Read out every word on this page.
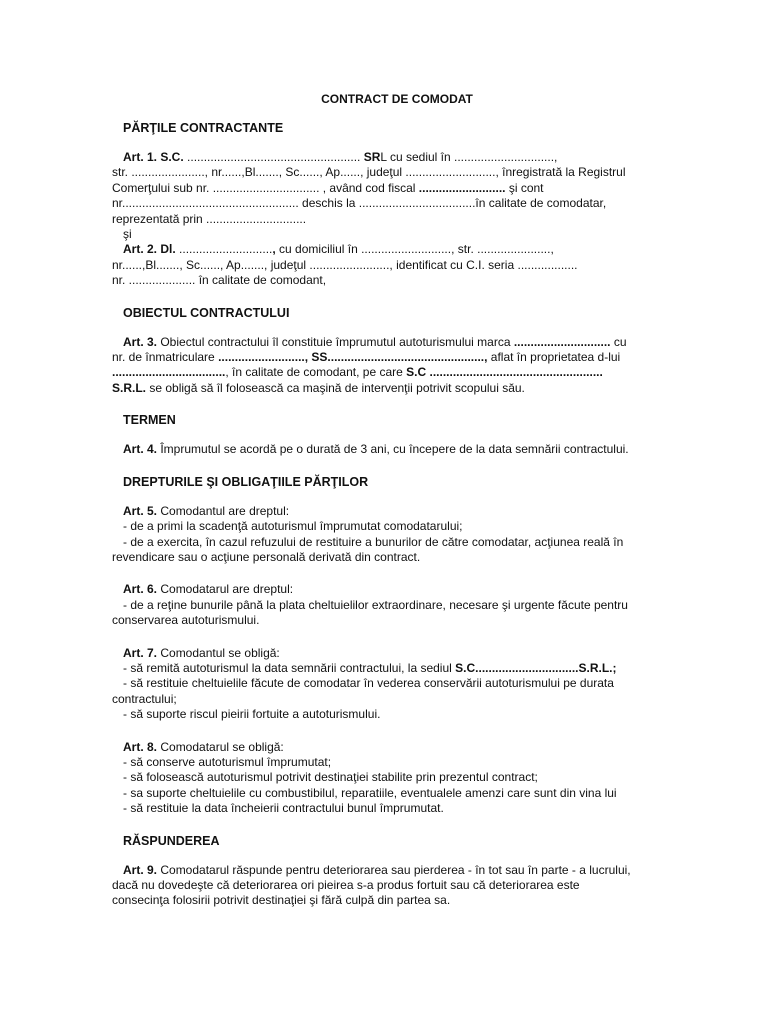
CONTRACT DE COMODAT
PĂRŢILE CONTRACTANTE
Art. 1. S.C. .................................................... SRL cu sediul în ..............................,
str. ......................, nr......,Bl......., Sc......, Ap......, judeţul ..........................., înregistrată la Registrul
Comerţului sub nr. ................................ , având cod fiscal .......................... şi cont
nr..................................................... deschis la ...................................în calitate de comodatar,
reprezentată prin ..............................
şi
Art. 2. Dl. ............................, cu domiciliul în ..........................., str. ......................,
nr......,Bl......., Sc......, Ap......., judeţul ........................, identificat cu C.I. seria ..................
nr. .................... în calitate de comodant,
OBIECTUL CONTRACTULUI
Art. 3. Obiectul contractului îl constituie împrumutul autoturismului marca ............................. cu
nr. de înmatriculare .........................., SS..............................................., aflat în proprietatea d-lui
.................................., în calitate de comodant, pe care S.C ....................................................
S.R.L. se obligă să îl folosească ca maşină de intervenţii potrivit scopului său.
TERMEN
Art. 4. Împrumutul se acordă pe o durată de 3 ani, cu începere de la data semnării contractului.
DREPTURILE ŞI OBLIGAŢIILE PĂRŢILOR
Art. 5. Comodantul are dreptul:
- de a primi la scadenţă autoturismul împrumutat comodatarului;
- de a exercita, în cazul refuzului de restituire a bunurilor de către comodatar, acţiunea reală în
revendicare sau o acţiune personală derivată din contract.
Art. 6. Comodatarul are dreptul:
- de a reţine bunurile până la plata cheltuielilor extraordinare, necesare şi urgente făcute pentru
conservarea autoturismului.
Art. 7. Comodantul se obligă:
- să remită autoturismul la data semnării contractului, la sediul S.C...............................S.R.L.;
- să restituie cheltuielile făcute de comodatar în vederea conservării autoturismului pe durata
contractului;
- să suporte riscul pieirii fortuite a autoturismului.
Art. 8. Comodatarul se obligă:
- să conserve autoturismul împrumutat;
- să folosească autoturismul potrivit destinaţiei stabilite prin prezentul contract;
- sa suporte cheltuielile cu combustibilul, reparatiile, eventualele amenzi care sunt din vina lui
- să restituie la data încheierii contractului bunul împrumutat.
RĂSPUNDEREA
Art. 9. Comodatarul răspunde pentru deteriorarea sau pierderea - în tot sau în parte - a lucrului,
dacă nu dovedeşte că deteriorarea ori pieirea s-a produs fortuit sau că deteriorarea este
consecinţa folosirii potrivit destinaţiei şi fără culpă din partea sa.
